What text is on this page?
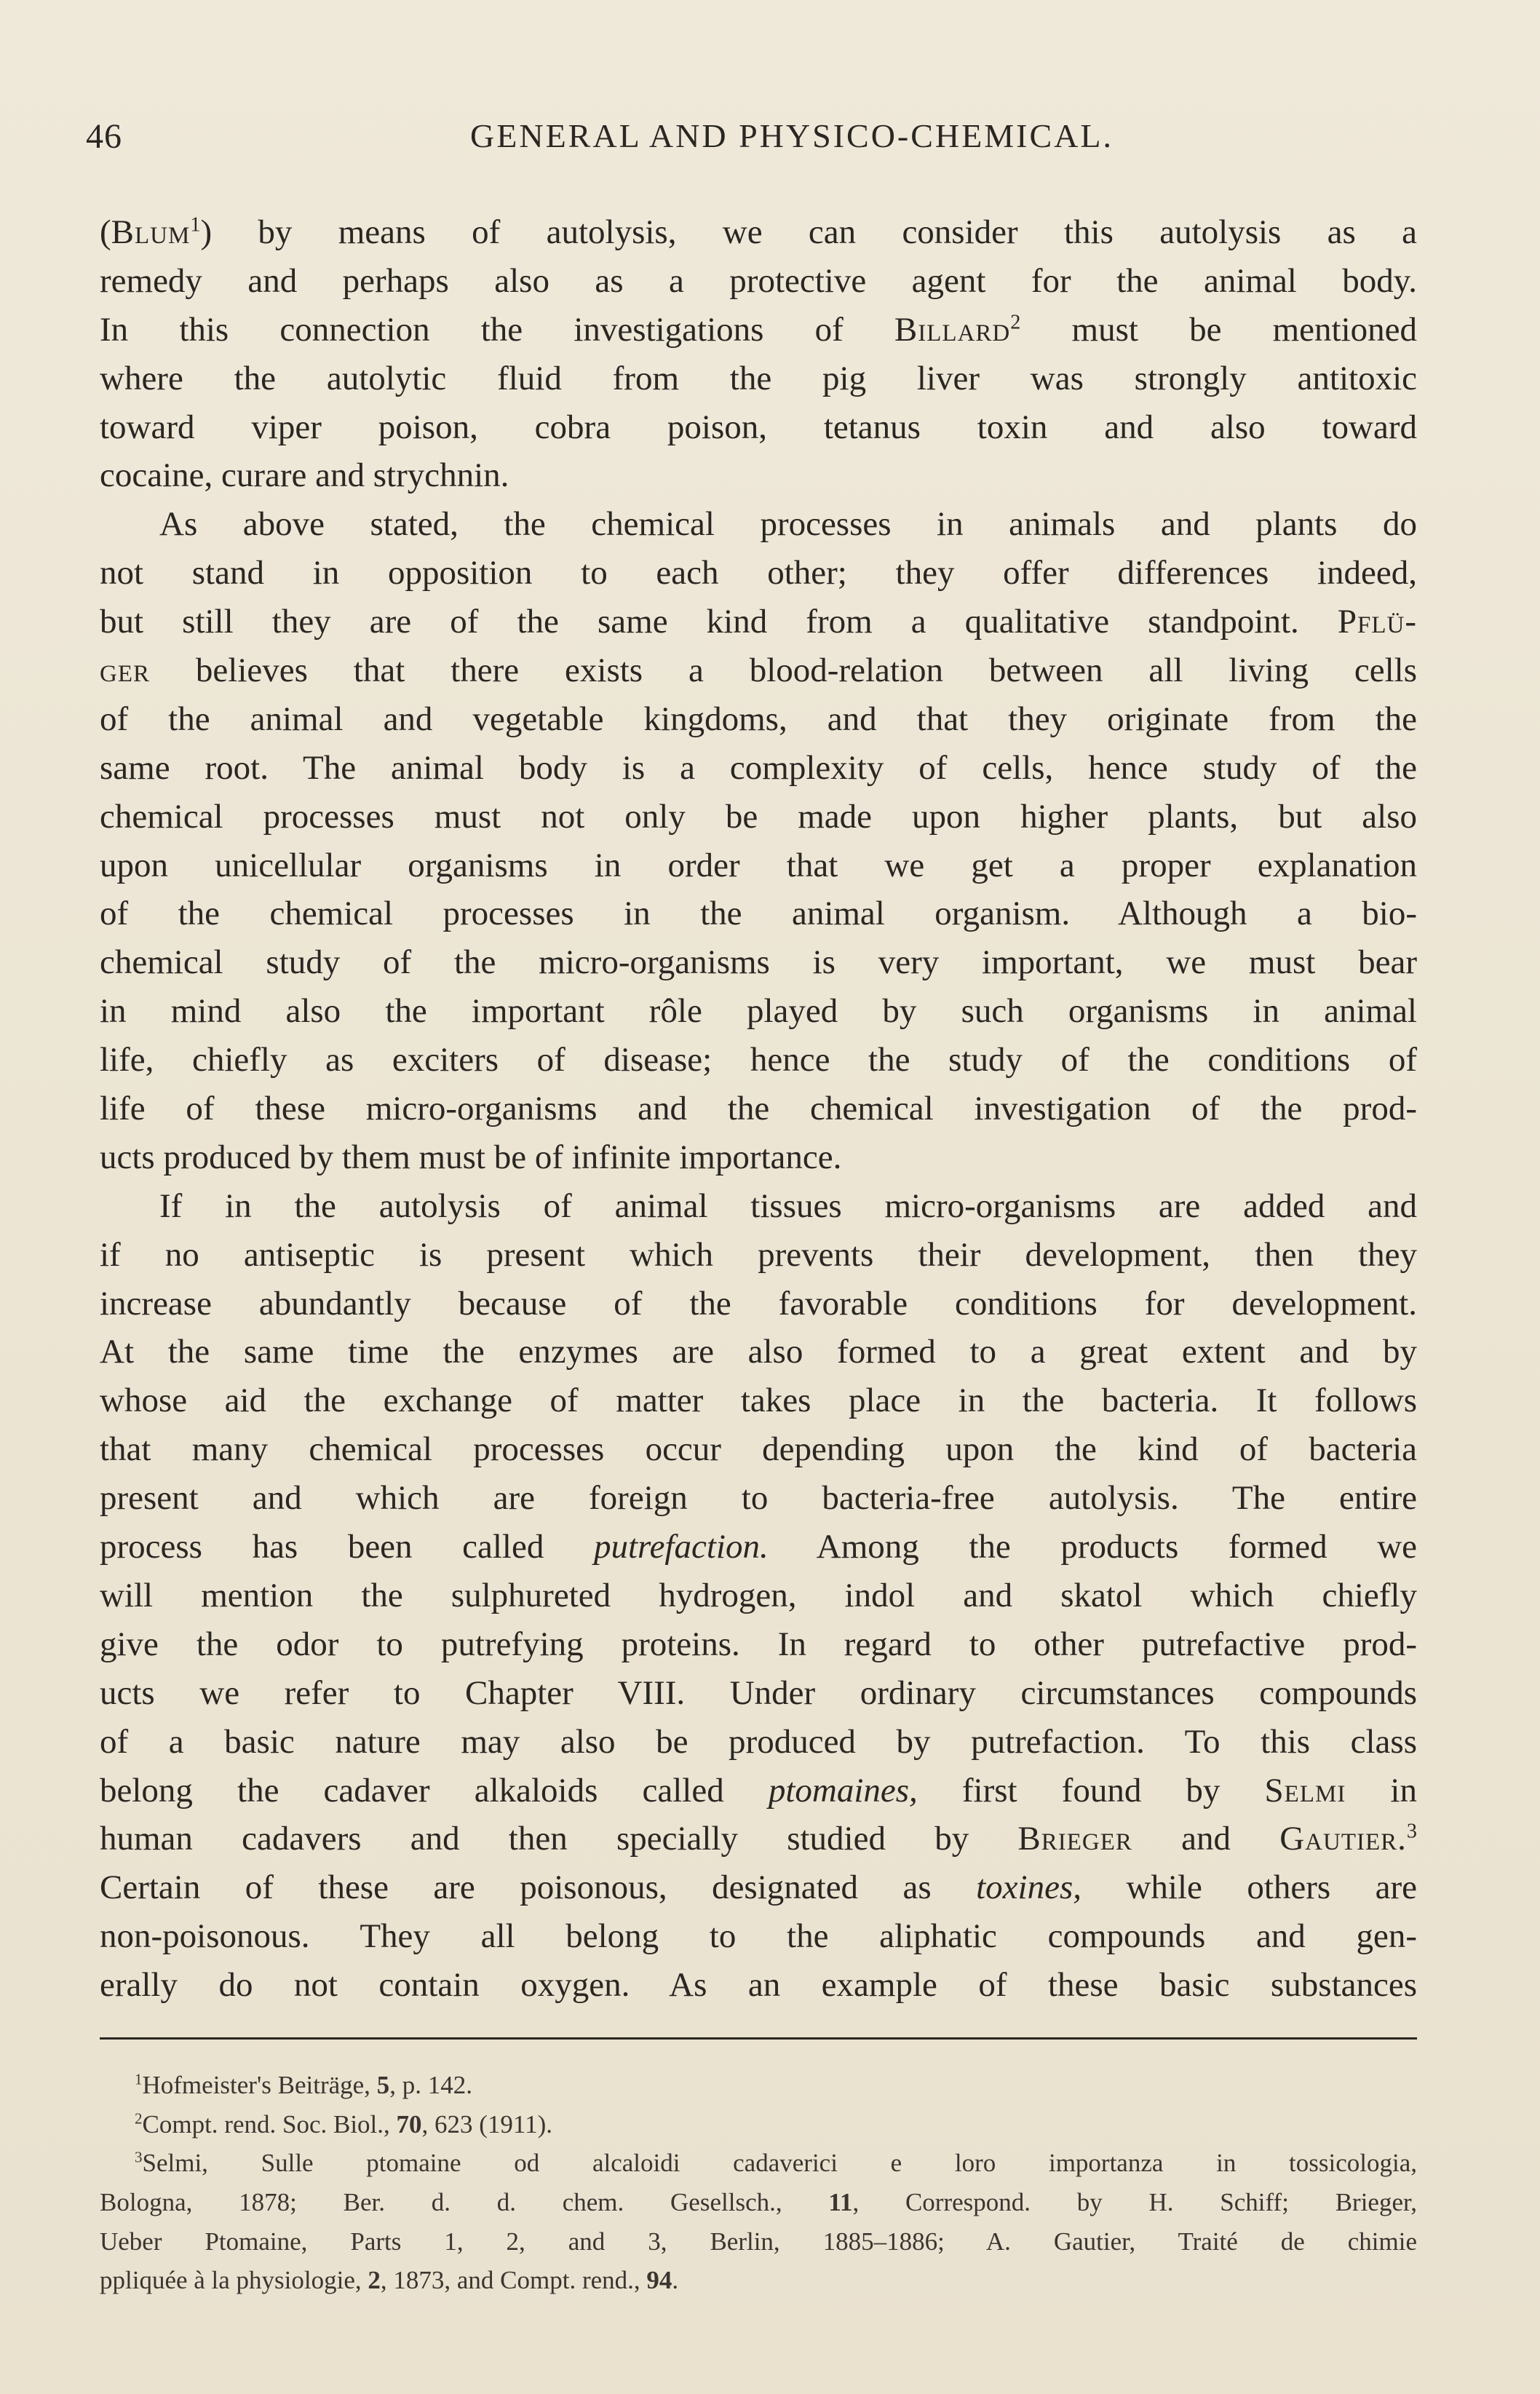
46	GENERAL AND PHYSICO-CHEMICAL.
(Blum$^1$) by means of autolysis, we can consider this autolysis as a
remedy and perhaps also as a protective agent for the animal body.
In this connection the investigations of Billard$^2$ must be mentioned
where the autolytic fluid from the pig liver was strongly antitoxic
toward viper poison, cobra poison, tetanus toxin and also toward
cocaine, curare and strychnin.
As above stated, the chemical processes in animals and plants do
not stand in opposition to each other; they offer differences indeed,
but still they are of the same kind from a qualitative standpoint. Pflü-
ger believes that there exists a blood-relation between all living cells
of the animal and vegetable kingdoms, and that they originate from the
same root. The animal body is a complexity of cells, hence study of the
chemical processes must not only be made upon higher plants, but also
upon unicellular organisms in order that we get a proper explanation
of the chemical processes in the animal organism. Although a bio-
chemical study of the micro-organisms is very important, we must bear
in mind also the important rôle played by such organisms in animal
life, chiefly as exciters of disease; hence the study of the conditions of
life of these micro-organisms and the chemical investigation of the prod-
ucts produced by them must be of infinite importance.
If in the autolysis of animal tissues micro-organisms are added and
if no antiseptic is present which prevents their development, then they
increase abundantly because of the favorable conditions for development.
At the same time the enzymes are also formed to a great extent and by
whose aid the exchange of matter takes place in the bacteria. It follows
that many chemical processes occur depending upon the kind of bacteria
present and which are foreign to bacteria-free autolysis. The entire
process has been called putrefaction. Among the products formed we
will mention the sulphureted hydrogen, indol and skatol which chiefly
give the odor to putrefying proteins. In regard to other putrefactive prod-
ucts we refer to Chapter VIII. Under ordinary circumstances compounds
of a basic nature may also be produced by putrefaction. To this class
belong the cadaver alkaloids called ptomaines, first found by Selmi in
human cadavers and then specially studied by Brieger and Gautier.$^3$
Certain of these are poisonous, designated as toxines, while others are
non-poisonous. They all belong to the aliphatic compounds and gen-
erally do not contain oxygen. As an example of these basic substances
$^1$Hofmeister's Beiträge, 5, p. 142.
$^2$Compt. rend. Soc. Biol., 70, 623 (1911).
$^3$Selmi, Sulle ptomaine od alcaloidi cadaverici e loro importanza in tossicologia,
Bologna, 1878; Ber. d. d. chem. Gesellsch., 11, Correspond. by H. Schiff; Brieger,
Ueber Ptomaine, Parts 1, 2, and 3, Berlin, 1885–1886; A. Gautier, Traité de chimie
ppliquée à la physiologie, 2, 1873, and Compt. rend., 94.
